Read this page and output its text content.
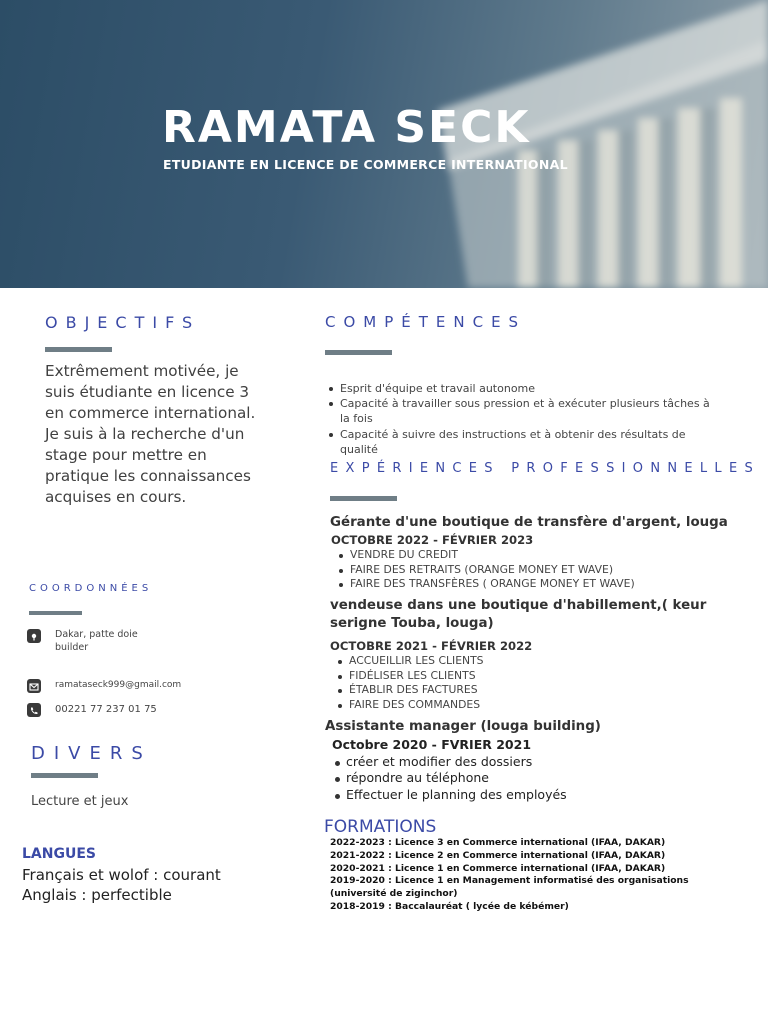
RAMATA SECK
ETUDIANTE EN LICENCE DE COMMERCE INTERNATIONAL
OBJECTIFS
Extrêmement motivée, je suis étudiante en licence 3 en commerce international.
Je suis à la recherche d'un stage pour mettre en pratique les connaissances acquises en cours.
COORDONNÉES
Dakar, patte doie
builder
ramataseck999@gmail.com
00221 77 237 01 75
DIVERS
Lecture et jeux
LANGUES
Français et wolof : courant
Anglais : perfectible
COMPÉTENCES
Esprit d'équipe et travail autonome
Capacité à travailler sous pression et à exécuter plusieurs tâches à la fois
Capacité à suivre des instructions et à obtenir des résultats de qualité
EXPÉRIENCES PROFESSIONNELLES
Gérante d'une boutique de transfère d'argent, louga
OCTOBRE 2022 - FÉVRIER 2023
VENDRE DU CREDIT
FAIRE DES RETRAITS (ORANGE MONEY ET WAVE)
FAIRE DES TRANSFÈRES ( ORANGE MONEY ET WAVE)
vendeuse dans une boutique d'habillement,( keur serigne Touba, louga)
OCTOBRE 2021 - FÉVRIER 2022
ACCUEILLIR LES CLIENTS
FIDÉLISER LES CLIENTS
ÉTABLIR DES FACTURES
FAIRE DES COMMANDES
Assistante manager (louga building)
Octobre 2020 - FVRIER 2021
créer et modifier des dossiers
répondre au téléphone
Effectuer le planning des employés
FORMATIONS
2022-2023 : Licence 3 en Commerce international (IFAA, DAKAR)
2021-2022 : Licence 2 en Commerce international (IFAA, DAKAR)
2020-2021 : Licence 1 en Commerce international (IFAA, DAKAR)
2019-2020 : Licence 1 en Management informatisé des organisations (université de ziginchor)
2018-2019 : Baccalauréat ( lycée de kébémer)
